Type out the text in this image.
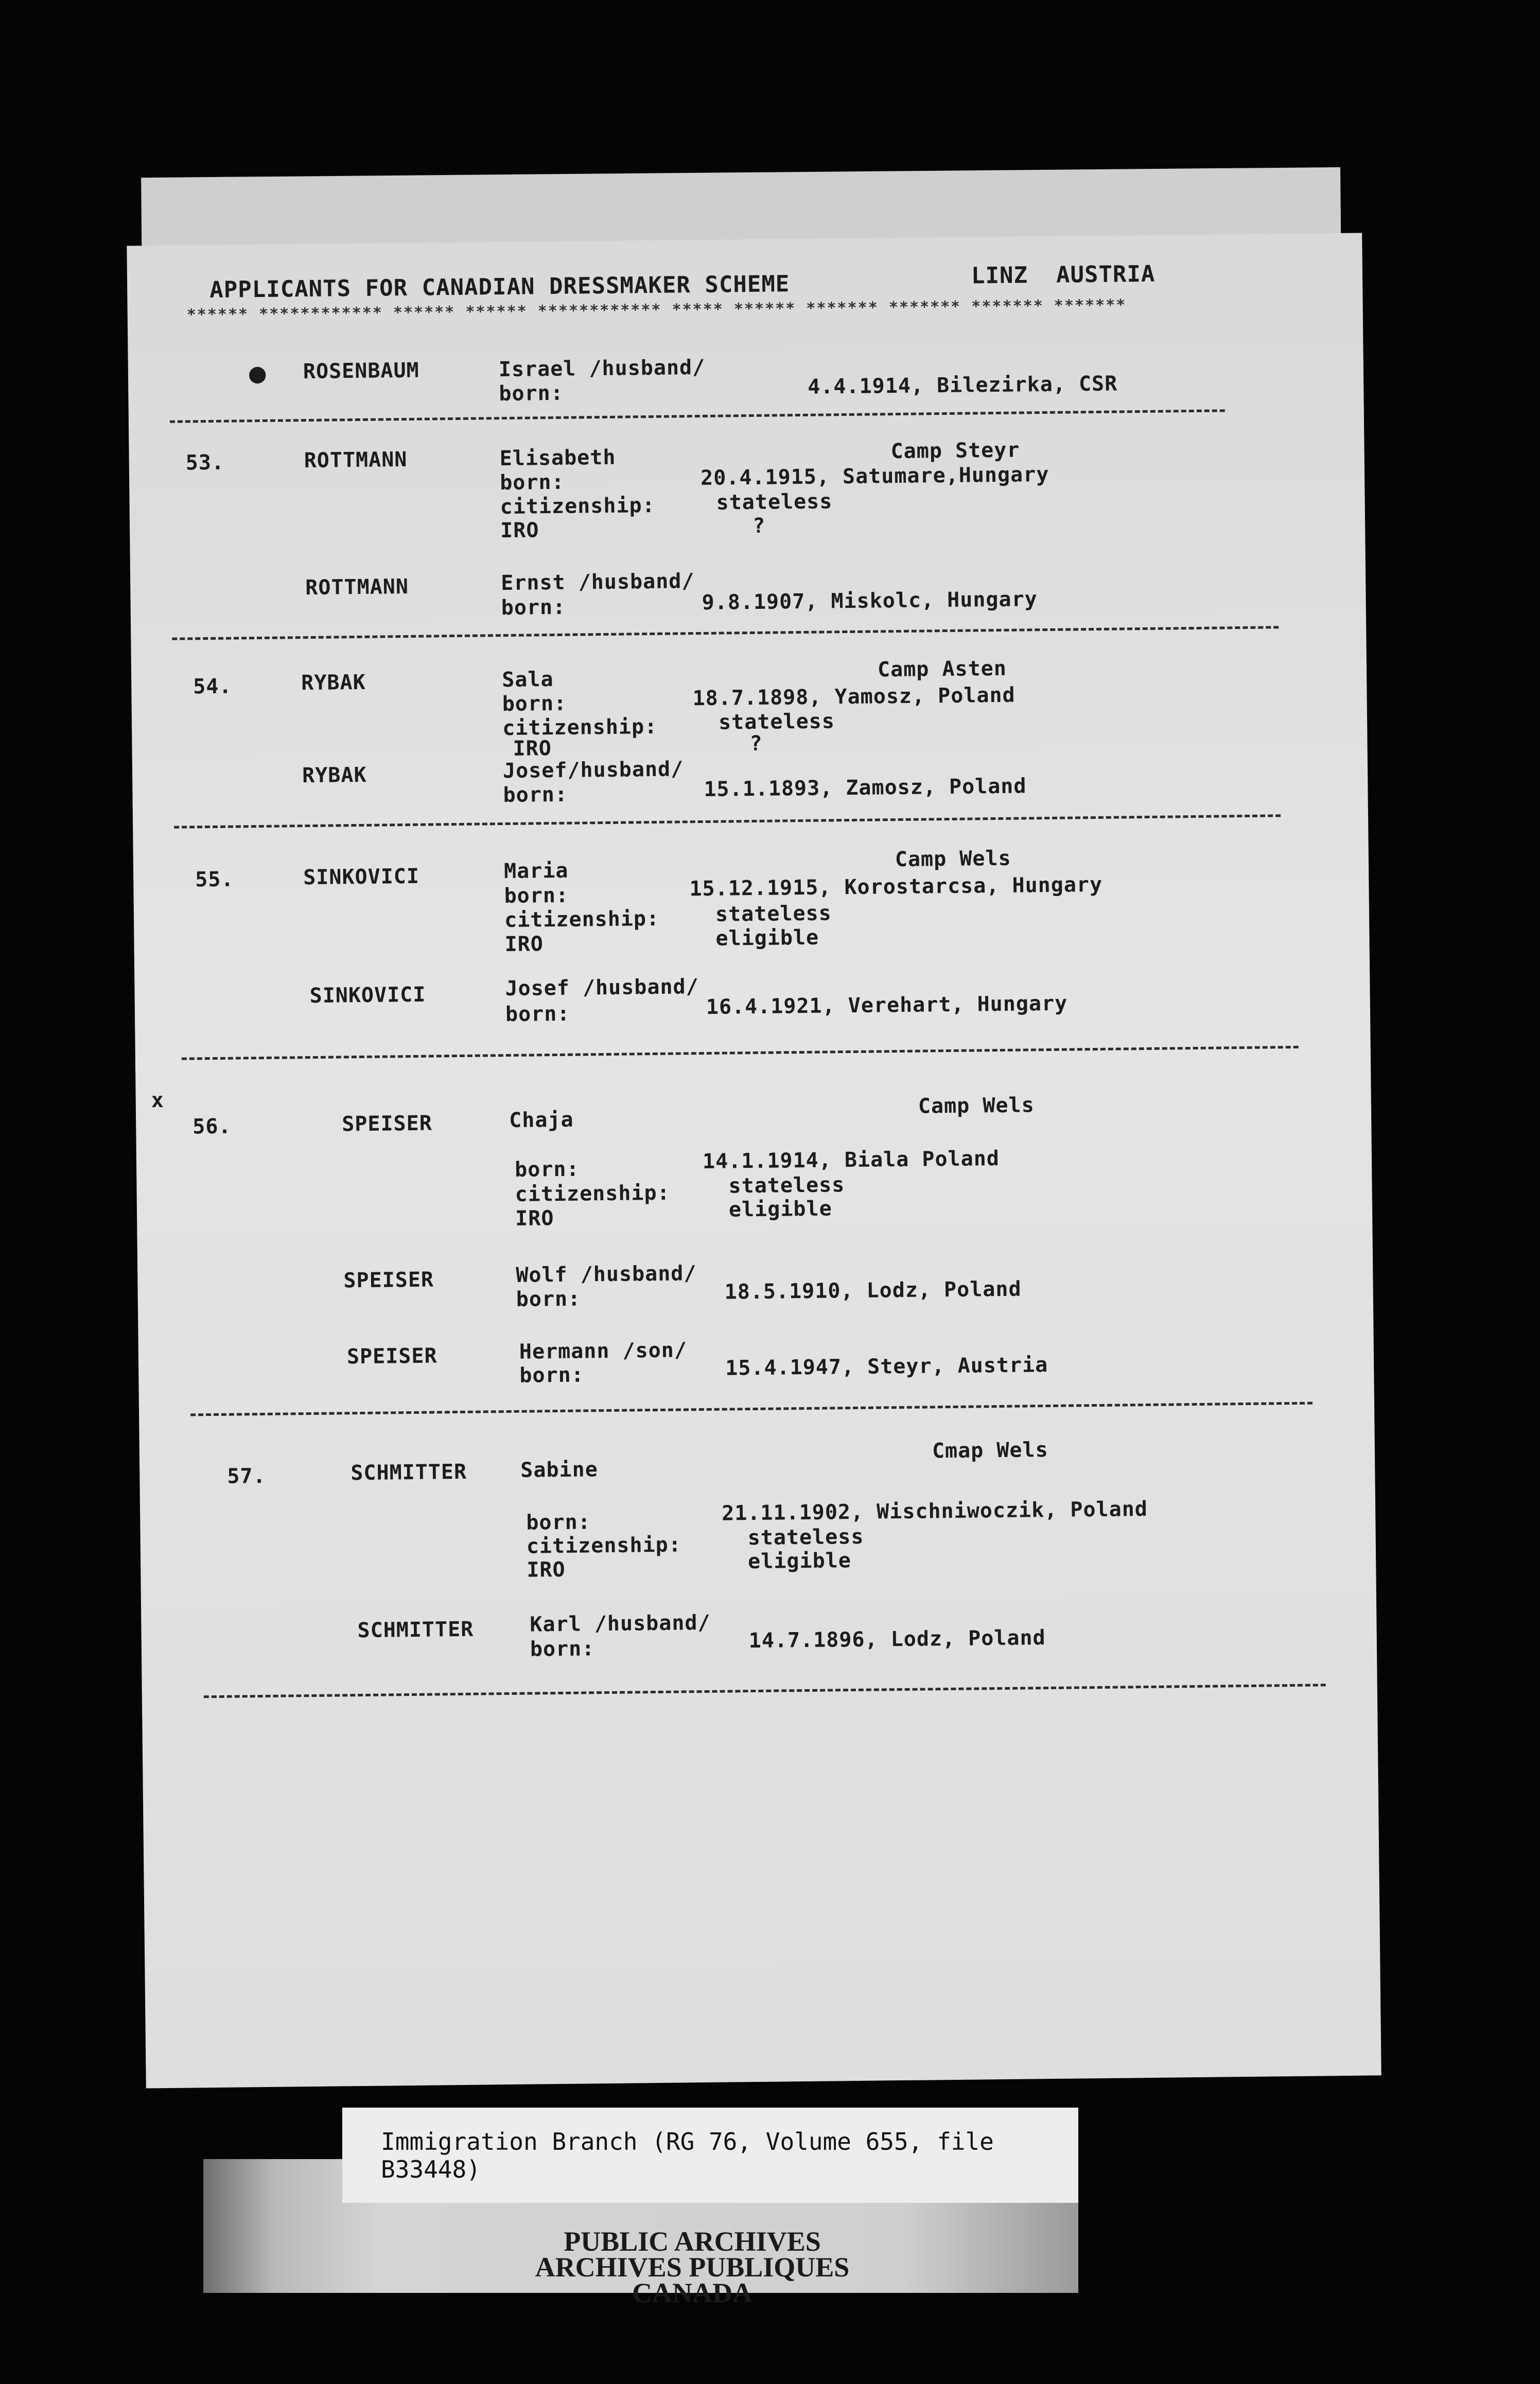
APPLICANTS FOR CANADIAN DRESSMAKER SCHEME	LINZ  AUSTRIA
****** ************ ****** ****** ************ ***** ****** ******* ******* ******* *******
● ROSENBAUM	Israel /husband/
born:	4.4.1914, Bilezirka, CSR
53.	ROTTMANN	Elisabeth	Camp Steyr
born:	20.4.1915, Satumare,Hungary
citizenship:	stateless
IRO	?
ROTTMANN	Ernst /husband/
born:	9.8.1907, Miskolc, Hungary
54.	RYBAK	Sala	Camp Asten
born:	18.7.1898, Yamosz, Poland
citizenship:	stateless
IRO	?
RYBAK	Josef/husband/
born:	15.1.1893, Zamosz, Poland
55.	SINKOVICI	Maria	Camp Wels
born:	15.12.1915, Korostarcsa, Hungary
citizenship:	stateless
IRO	eligible
SINKOVICI	Josef /husband/
born:	16.4.1921, Verehart, Hungary
x
56.	SPEISER	Chaja
Camp Wels
born:	14.1.1914, Biala Poland
citizenship:	stateless
IRO	eligible
SPEISER	Wolf /husband/
born:	18.5.1910, Lodz, Poland
SPEISER	Hermann /son/
born:	15.4.1947, Steyr, Austria
57.	SCHMITTER	Sabine
Cmap Wels
born:	21.11.1902, Wischniwoczik, Poland
citizenship:	stateless
IRO	eligible
SCHMITTER	Karl /husband/
born:	14.7.1896, Lodz, Poland
Immigration Branch (RG 76, Volume 655, file B33448)
PUBLIC ARCHIVES
ARCHIVES PUBLIQUES
CANADA
